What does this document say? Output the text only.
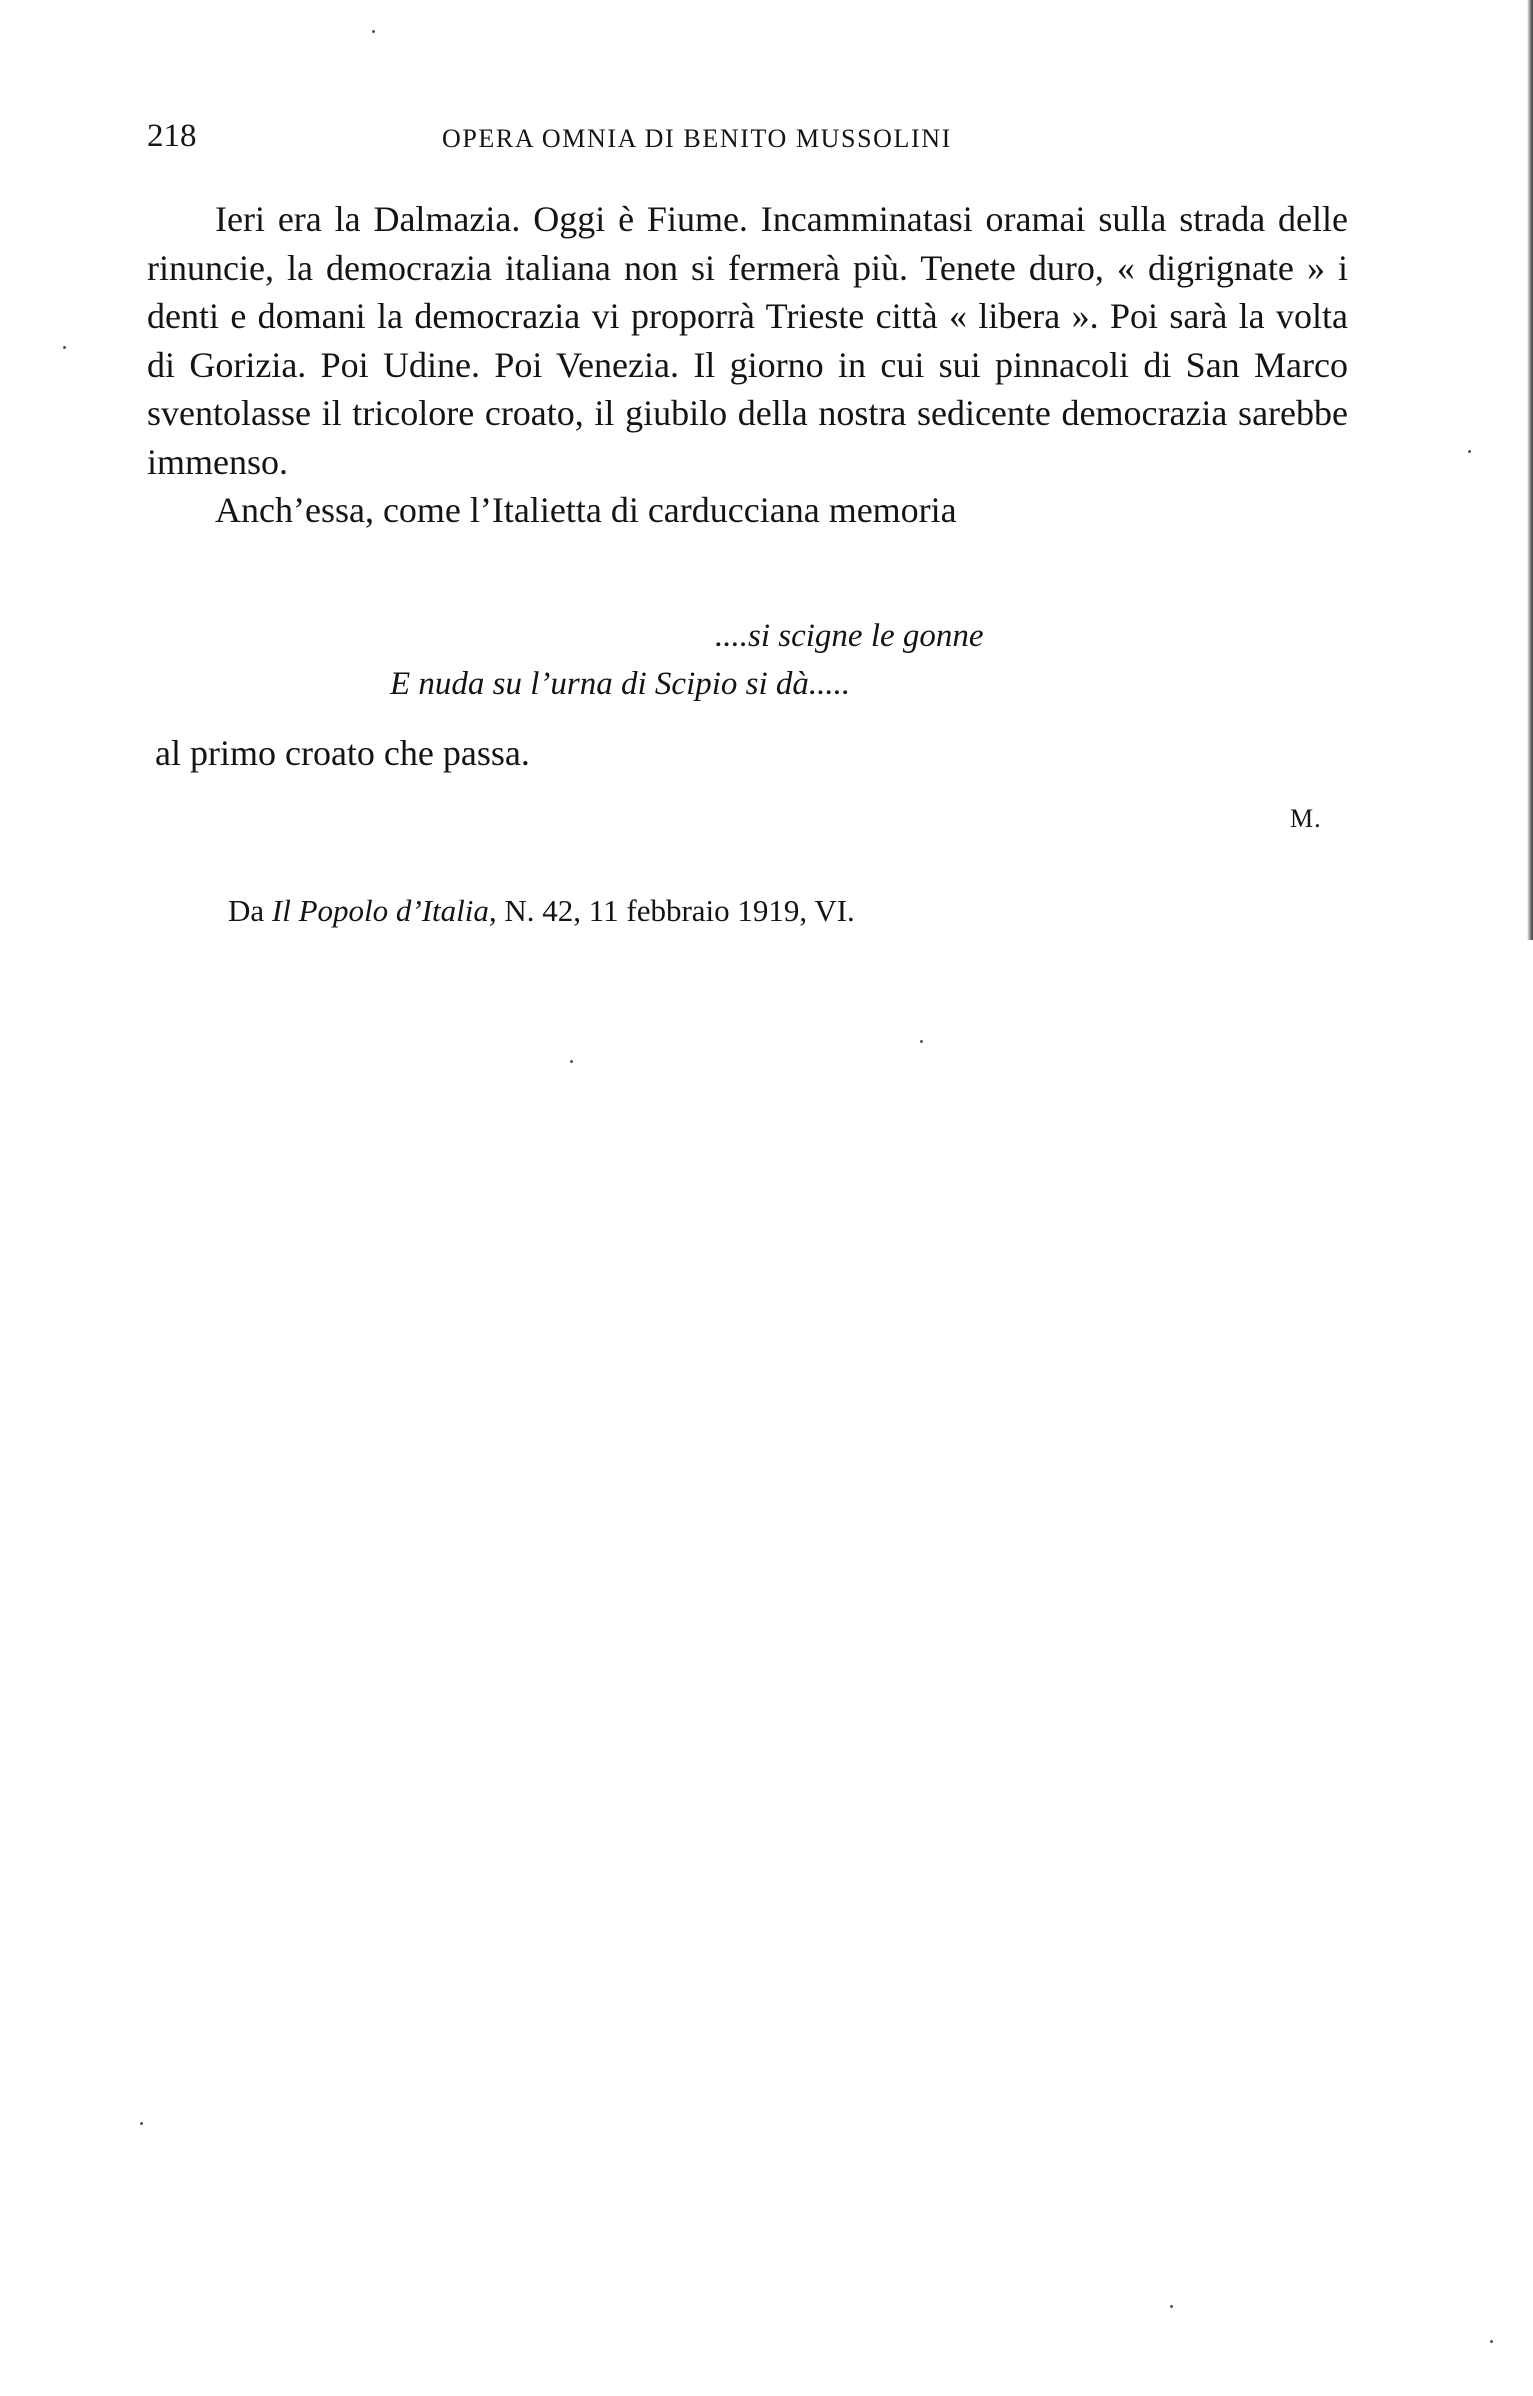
218	OPERA OMNIA DI BENITO MUSSOLINI

Ieri era la Dalmazia. Oggi è Fiume. Incamminatasi oramai sulla strada delle rinuncie, la democrazia italiana non si fermerà più. Tenete duro, « digrignate » i denti e domani la democrazia vi proporrà Trieste città « libera ». Poi sarà la volta di Gorizia. Poi Udine. Poi Venezia. Il giorno in cui sui pinnacoli di San Marco sventolasse il tricolore croato, il giubilo della nostra sedicente democrazia sarebbe immenso.

Anch’essa, come l’Italietta di carducciana memoria

....si scigne le gonne
E nuda su l’urna di Scipio si dà.....
al primo croato che passa.
M.
Da Il Popolo d’Italia, N. 42, 11 febbraio 1919, VI.
